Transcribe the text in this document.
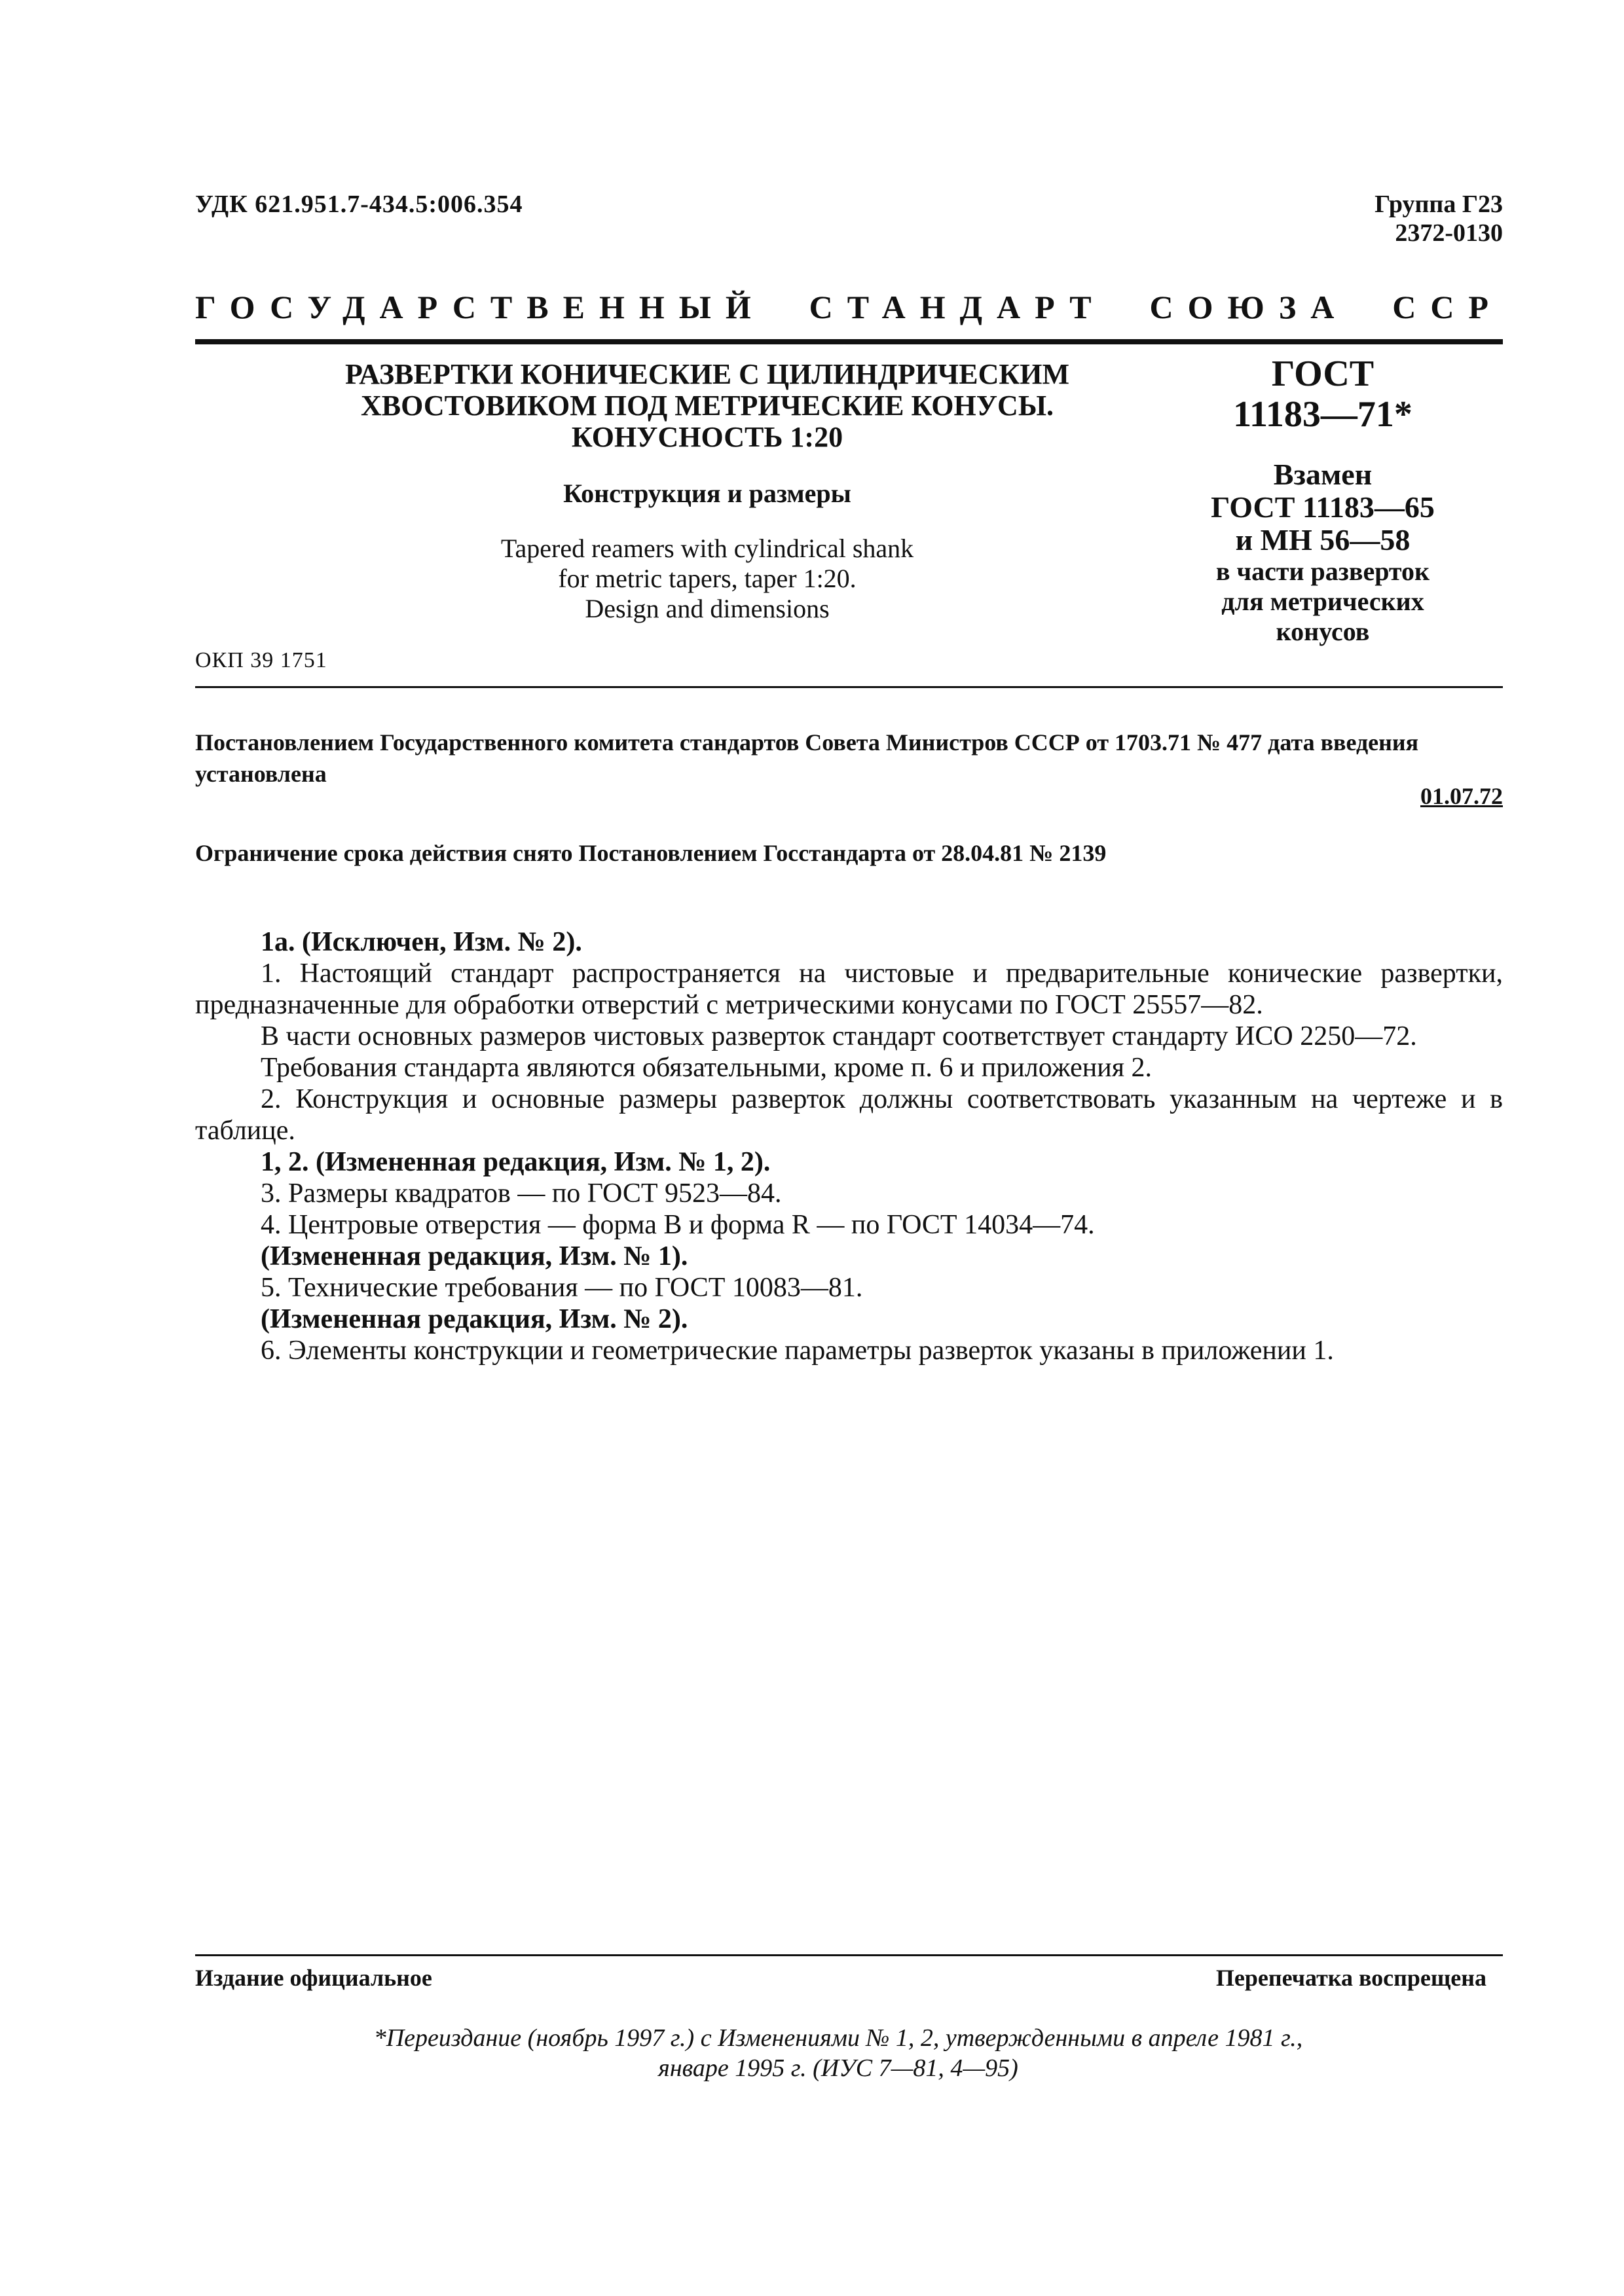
УДК 621.951.7-434.5:006.354	Группа Г23
2372-0130
ГОСУДАРСТВЕННЫЙ СТАНДАРТ СОЮЗА ССР
РАЗВЕРТКИ КОНИЧЕСКИЕ С ЦИЛИНДРИЧЕСКИМ
ХВОСТОВИКОМ ПОД МЕТРИЧЕСКИЕ КОНУСЫ.
КОНУСНОСТЬ 1:20
Конструкция и размеры
Tapered reamers with cylindrical shank
for metric tapers, taper 1:20.
Design and dimensions
ГОСТ
11183—71*
Взамен
ГОСТ 11183—65
и МН 56—58
в части разверток
для метрических
конусов
ОКП 39 1751
Постановлением Государственного комитета стандартов Совета Министров СССР от 1703.71 № 477 дата введения установлена
01.07.72
Ограничение срока действия снято Постановлением Госстандарта от 28.04.81 № 2139

1а. (Исключен, Изм. № 2).

1. Настоящий стандарт распространяется на чистовые и предварительные конические развертки, предназначенные для обработки отверстий с метрическими конусами по ГОСТ 25557—82.

В части основных размеров чистовых разверток стандарт соответствует стандарту ИСО 2250—72.

Требования стандарта являются обязательными, кроме п. 6 и приложения 2.

2. Конструкция и основные размеры разверток должны соответствовать указанным на чертеже и в таблице.

1, 2. (Измененная редакция, Изм. № 1, 2).

3. Размеры квадратов — по ГОСТ 9523—84.

4. Центровые отверстия — форма В и форма R — по ГОСТ 14034—74.

(Измененная редакция, Изм. № 1).

5. Технические требования — по ГОСТ 10083—81.

(Измененная редакция, Изм. № 2).

6. Элементы конструкции и геометрические параметры разверток указаны в приложении 1.

Издание официальное	Перепечатка воспрещена
*Переиздание (ноябрь 1997 г.) с Изменениями № 1, 2, утвержденными в апреле 1981 г.,
январе 1995 г. (ИУС 7—81, 4—95)
